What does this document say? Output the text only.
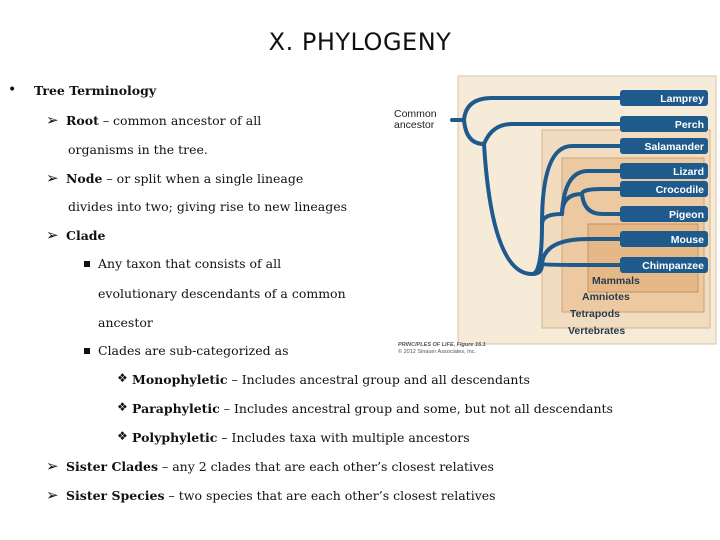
X. PHYLOGENY
• Tree Terminology
➢ Root – common ancestor of all
organisms in the tree.
➢ Node – or split when a single lineage
divides into two; giving rise to new lineages
➢ Clade
Any taxon that consists of all
evolutionary descendants of a common
ancestor
Clades are sub-categorized as
❖ Monophyletic – Includes ancestral group and all descendants
❖ Paraphyletic – Includes ancestral group and some, but not all descendants
❖ Polyphyletic – Includes taxa with multiple ancestors
➢ Sister Clades – any 2 clades that are each other’s closest relatives
➢ Sister Species – two species that are each other’s closest relatives
Common
ancestor
Lamprey
Perch
Salamander
Lizard
Crocodile
Pigeon
Mouse
Chimpanzee
Mammals
Amniotes
Tetrapods
Vertebrates
PRINCIPLES OF LIFE, Figure 16.1
© 2012 Sinauer Associates, Inc.
